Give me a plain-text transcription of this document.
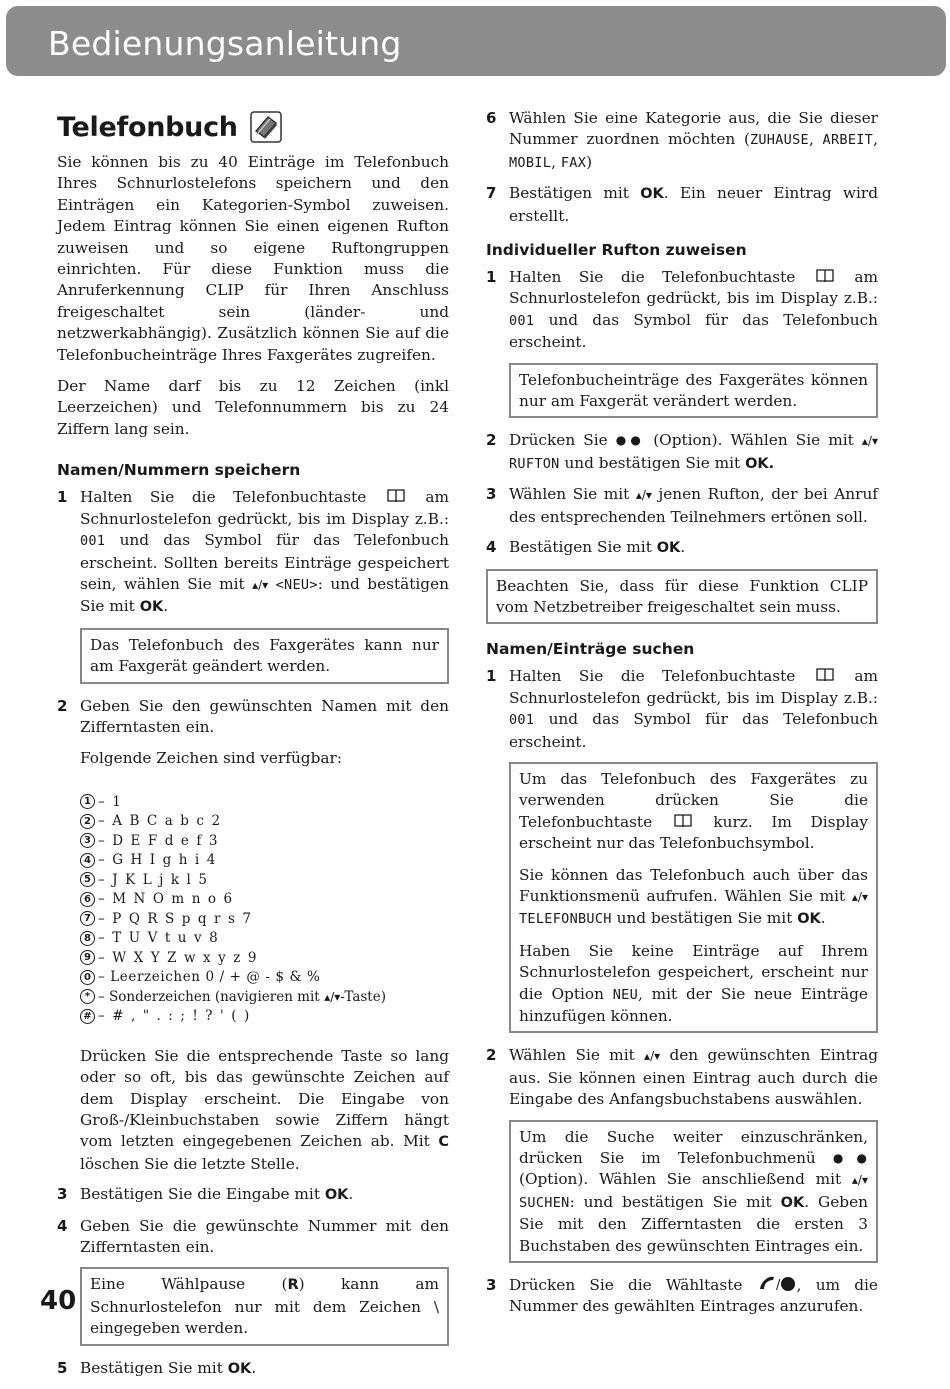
Bedienungsanleitung
Telefonbuch

Sie können bis zu 40 Einträge im Telefonbuch Ihres Schnurlostelefons speichern und den Einträgen ein Kategorien-Symbol zuweisen. Jedem Eintrag können Sie einen eigenen Rufton zuweisen und so eigene Ruftongruppen einrichten. Für diese Funktion muss die Anruferkennung CLIP für Ihren Anschluss freigeschaltet sein (länder- und netzwerkabhängig). Zusätzlich können Sie auf die Telefonbucheinträge Ihres Faxgerätes zugreifen.

Der Name darf bis zu 12 Zeichen (inkl Leerzeichen) und Telefonnummern bis zu 24 Ziffern lang sein.

Namen/Nummern speichern
1 Halten Sie die Telefonbuchtaste	am Schnurlostelefon gedrückt, bis im Display z.B.: 001 und das Symbol für das Telefonbuch erscheint. Sollten bereits Einträge gespeichert sein, wählen Sie mit ▴/▾ <NEU>: und bestätigen Sie mit OK.

Das Telefonbuch des Faxgerätes kann nur am Faxgerät geändert werden.

2 Geben Sie den gewünschten Namen mit den Zifferntasten ein.

Folgende Zeichen sind verfügbar:

1 – 1
2 – A B C a b c 2
3 – D E F d e f 3
4 – G H I g h i 4
5 – J K L j k l 5
6 – M N O m n o 6
7 – P Q R S p q r s 7
8 – T U V t u v 8
9 – W X Y Z w x y z 9
0 – Leerzeichen 0 / + @ - $ & %
* – Sonderzeichen (navigieren mit
▴/▾ -Taste)
# – # , " . : ; ! ? ' ( )
Drücken Sie die entsprechende Taste so lang oder so oft, bis das gewünschte Zeichen auf dem Display erscheint. Die Eingabe von Groß-/Kleinbuchstaben sowie Ziffern hängt vom letzten eingegebenen Zeichen ab. Mit C löschen Sie die letzte Stelle.
3 Bestätigen Sie die Eingabe mit OK.
4 Geben Sie die gewünschte Nummer mit den Zifferntasten ein.

Eine Wählpause (R) kann am Schnurlostelefon nur mit dem Zeichen \ eingegeben werden.

5 Bestätigen Sie mit OK.
6 Wählen Sie eine Kategorie aus, die Sie dieser Nummer zuordnen möchten (ZUHAUSE, ARBEIT, MOBIL, FAX)
7 Bestätigen mit OK. Ein neuer Eintrag wird erstellt.
Individueller Rufton zuweisen
1 Halten Sie die Telefonbuchtaste	am Schnurlostelefon gedrückt, bis im Display z.B.: 001 und das Symbol für das Telefonbuch erscheint.

Telefonbucheinträge des Faxgerätes können nur am Faxgerät verändert werden.

2 Drücken Sie ●● (Option). Wählen Sie mit ▴/▾ RUFTON und bestätigen Sie mit OK.
3 Wählen Sie mit ▴/▾ jenen Rufton, der bei Anruf des entsprechenden Teilnehmers ertönen soll.
4 Bestätigen Sie mit OK.

Beachten Sie, dass für diese Funktion CLIP vom Netzbetreiber freigeschaltet sein muss.

Namen/Einträge suchen
1 Halten Sie die Telefonbuchtaste	am Schnurlostelefon gedrückt, bis im Display z.B.: 001 und das Symbol für das Telefonbuch erscheint.

Um das Telefonbuch des Faxgerätes zu verwenden drücken Sie die Telefonbuchtaste	kurz. Im Display erscheint nur das Telefonbuchsymbol.

Sie können das Telefonbuch auch über das Funktionsmenü aufrufen. Wählen Sie mit ▴/▾ TELEFONBUCH und bestätigen Sie mit OK.

Haben Sie keine Einträge auf Ihrem Schnurlostelefon gespeichert, erscheint nur die Option NEU, mit der Sie neue Einträge hinzufügen können.

2 Wählen Sie mit ▴/▾ den gewünschten Eintrag aus. Sie können einen Eintrag auch durch die Eingabe des Anfangsbuchstabens auswählen.

Um die Suche weiter einzuschränken, drücken Sie im Telefonbuchmenü ●● (Option). Wählen Sie anschließend mit ▴/▾ SUCHEN: und bestätigen Sie mit OK. Geben Sie mit den Zifferntasten die ersten 3 Buchstaben des gewünschten Eintrages ein.

3 Drücken Sie die Wähltaste	/ , um die Nummer des gewählten Eintrages anzurufen.
40
